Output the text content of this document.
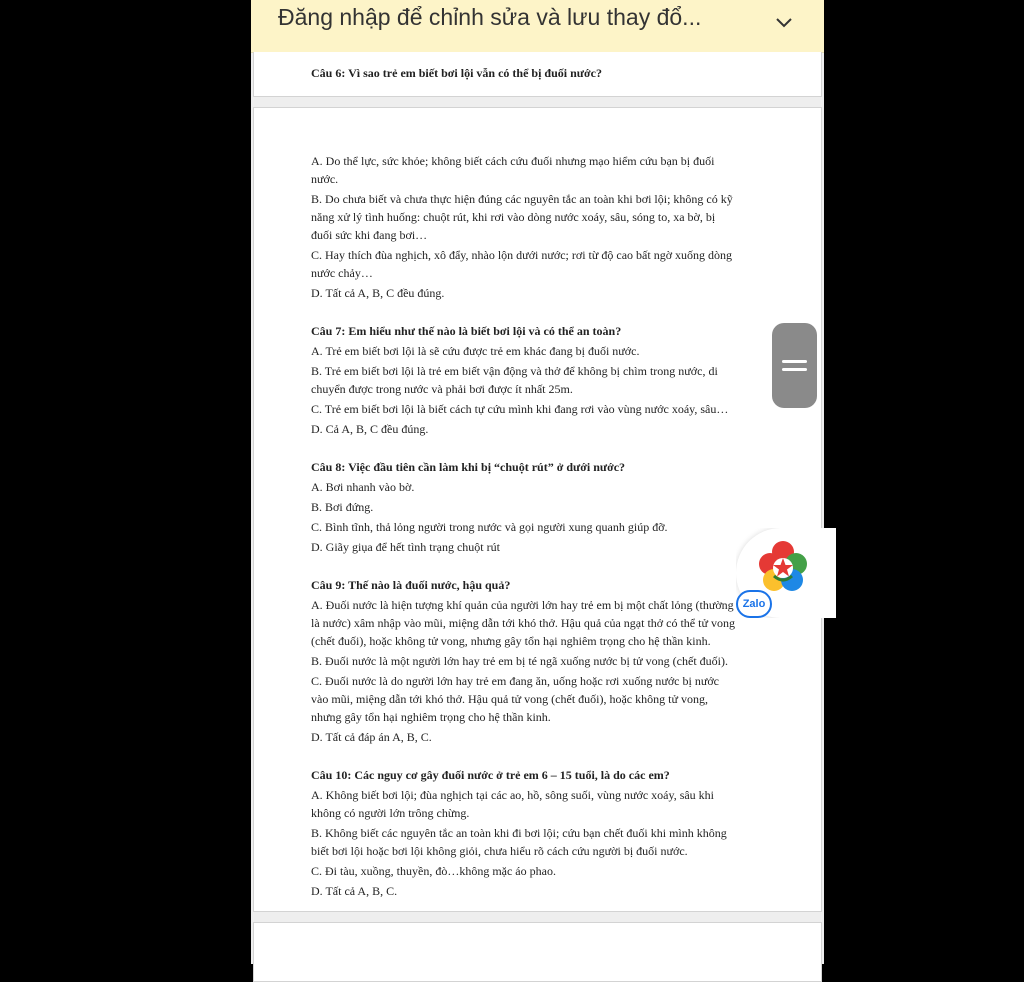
Đăng nhập để chỉnh sửa và lưu thay đổ...
Câu 6: Vì sao trẻ em biết bơi lội vẫn có thể bị đuối nước?
A. Do thể lực, sức khỏe; không biết cách cứu đuối nhưng mạo hiểm cứu bạn bị đuối
nước.
B. Do chưa biết và chưa thực hiện đúng các nguyên tắc an toàn khi bơi lội; không có kỹ
năng xử lý tình huống: chuột rút, khi rơi vào dòng nước xoáy, sâu, sóng to, xa bờ, bị
đuối sức khi đang bơi…
C. Hay thích đùa nghịch, xô đẩy, nhào lộn dưới nước; rơi từ độ cao bất ngờ xuống dòng
nước chảy…
D. Tất cả A, B, C đều đúng.
Câu 7: Em hiểu như thế nào là biết bơi lội và có thể an toàn?
A. Trẻ em biết bơi lội là sẽ cứu được trẻ em khác đang bị đuối nước.
B. Trẻ em biết bơi lội là trẻ em biết vận động và thở để không bị chìm trong nước, di
chuyển được trong nước và phải bơi được ít nhất 25m.
C. Trẻ em biết bơi lội là biết cách tự cứu mình khi đang rơi vào vùng nước xoáy, sâu…
D. Cả A, B, C đều đúng.
Câu 8: Việc đầu tiên cần làm khi bị “chuột rút” ở dưới nước?
A. Bơi nhanh vào bờ.
B. Bơi đứng.
C. Bình tĩnh, thả lỏng người trong nước và gọi người xung quanh giúp đỡ.
D. Giãy giụa để hết tình trạng chuột rút
Câu 9: Thế nào là đuối nước, hậu quả?
A. Đuối nước là hiện tượng khí quản của người lớn hay trẻ em bị một chất lỏng (thường
là nước) xâm nhập vào mũi, miệng dẫn tới khó thở. Hậu quả của ngạt thở có thể tử vong
(chết đuối), hoặc không tử vong, nhưng gây tổn hại nghiêm trọng cho hệ thần kinh.
B. Đuối nước là một người lớn hay trẻ em bị té ngã xuống nước bị tử vong (chết đuối).
C. Đuối nước là do người lớn hay trẻ em đang ăn, uống hoặc rơi xuống nước bị nước
vào mũi, miệng dẫn tới khó thở. Hậu quả tử vong (chết đuối), hoặc không tử vong,
nhưng gây tổn hại nghiêm trọng cho hệ thần kinh.
D. Tất cả đáp án A, B, C.
Câu 10: Các nguy cơ gây đuối nước ở trẻ em 6 – 15 tuổi, là do các em?
A. Không biết bơi lội; đùa nghịch tại các ao, hồ, sông suối, vùng nước xoáy, sâu khi
không có người lớn trông chừng.
B. Không biết các nguyên tắc an toàn khi đi bơi lội; cứu bạn chết đuối khi mình không
biết bơi lội hoặc bơi lội không giỏi, chưa hiểu rõ cách cứu người bị đuối nước.
C. Đi tàu, xuồng, thuyền, đò…không mặc áo phao.
D. Tất cả A, B, C.
Zalo
